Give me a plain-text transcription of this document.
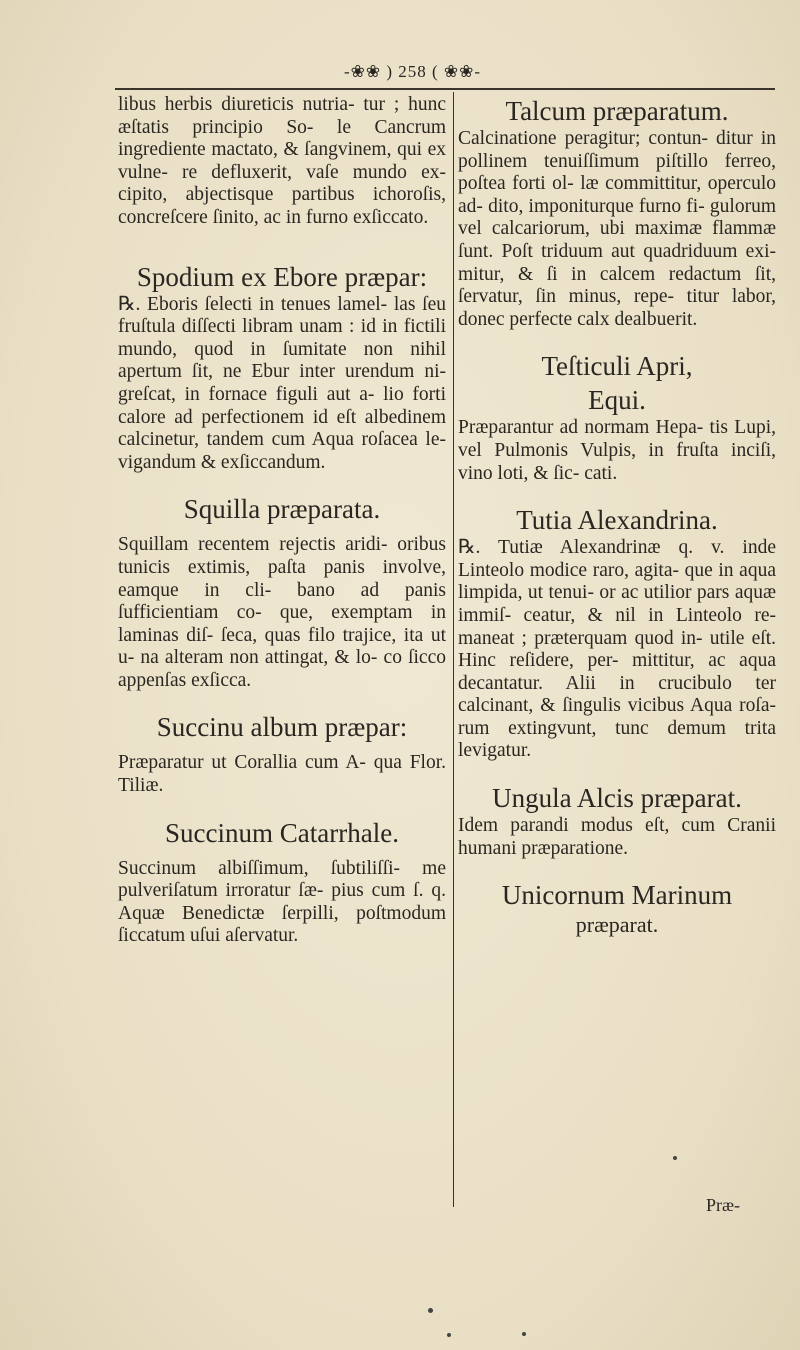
-❀❀ ) 258 ( ❀❀-

libus herbis diureticis nutria- tur ; hunc æſtatis principio So- le Cancrum ingrediente mactato, & ſangvinem, qui ex vulne- re defluxerit, vaſe mundo ex- cipito, abjectisque partibus ichoroſis, concreſcere ſinito, ac in furno exſiccato.

Spodium ex Ebore præpar:

℞. Eboris ſelecti in tenues lamel- las ſeu fruſtula diſſecti libram unam : id in fictili mundo, quod in ſumitate non nihil apertum ſit, ne Ebur inter urendum ni- greſcat, in fornace figuli aut a- lio forti calore ad perfectionem id eſt albedinem calcinetur, tandem cum Aqua roſacea le- vigandum & exſiccandum.

Squilla præparata.

Squillam recentem rejectis aridi- oribus tunicis extimis, paſta panis involve, eamque in cli- bano ad panis ſufficientiam co- que, exemptam in laminas diſ- ſeca, quas filo trajice, ita ut u- na alteram non attingat, & lo- co ſicco appenſas exſicca.

Succinu album præpar:

Præparatur ut Corallia cum A- qua Flor. Tiliæ.

Succinum Catarrhale.

Succinum albiſſimum, ſubtiliſſi- me pulveriſatum irroratur ſæ- pius cum ſ. q. Aquæ Benedictæ ſerpilli, poſtmodum ſiccatum uſui aſervatur.

Talcum præparatum.

Calcinatione peragitur; contun- ditur in pollinem tenuiſſimum piſtillo ferreo, poſtea forti ol- læ committitur, operculo ad- dito, imponiturque furno fi- gulorum vel calcariorum, ubi maximæ flammæ ſunt. Poſt triduum aut quadriduum exi- mitur, & ſi in calcem redactum ſit, ſervatur, ſin minus, repe- titur labor, donec perfecte calx dealbuerit.

Teſticuli Apri,
Equi.

Præparantur ad normam Hepa- tis Lupi, vel Pulmonis Vulpis, in fruſta inciſi, vino loti, & ſic- cati.

Tutia Alexandrina.

℞. Tutiæ Alexandrinæ q. v. inde Linteolo modice raro, agita- que in aqua limpida, ut tenui- or ac utilior pars aquæ immiſ- ceatur, & nil in Linteolo re- maneat ; præterquam quod in- utile eſt. Hinc reſidere, per- mittitur, ac aqua decantatur. Alii in crucibulo ter calcinant, & ſingulis vicibus Aqua roſa- rum extingvunt, tunc demum trita levigatur.

Ungula Alcis præparat.

Idem parandi modus eſt, cum Cranii humani præparatione.

Unicornum Marinum
præparat.
Præ-
